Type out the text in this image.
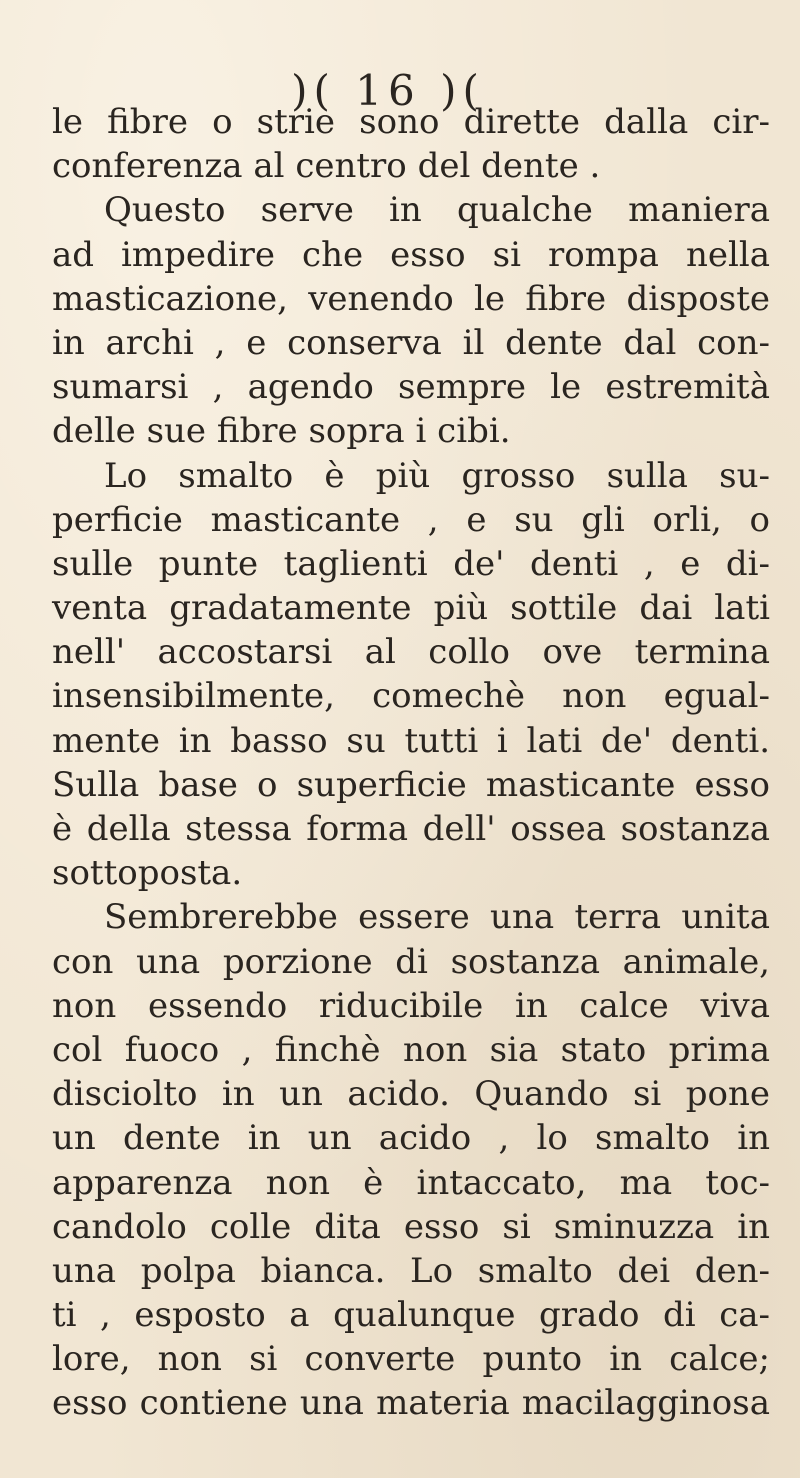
)( 16 )(
le fibre o strie sono dirette dalla cir-
conferenza al centro del dente .
Questo serve in qualche maniera
ad impedire che esso si rompa nella
masticazione, venendo le fibre disposte
in archi , e conserva il dente dal con-
sumarsi , agendo sempre le estremità
delle sue fibre sopra i cibi.
Lo smalto è più grosso sulla su-
perficie masticante , e su gli orli, o
sulle punte taglienti de' denti , e di-
venta gradatamente più sottile dai lati
nell' accostarsi al collo ove termina
insensibilmente, comechè non egual-
mente in basso su tutti i lati de' denti.
Sulla base o superficie masticante esso
è della stessa forma dell' ossea sostanza
sottoposta.
Sembrerebbe essere una terra unita
con una porzione di sostanza animale,
non essendo riducibile in calce viva
col fuoco , finchè non sia stato prima
disciolto in un acido. Quando si pone
un dente in un acido , lo smalto in
apparenza non è intaccato, ma toc-
candolo colle dita esso si sminuzza in
una polpa bianca. Lo smalto dei den-
ti , esposto a qualunque grado di ca-
lore, non si converte punto in calce;
esso contiene una materia macilagginosa
